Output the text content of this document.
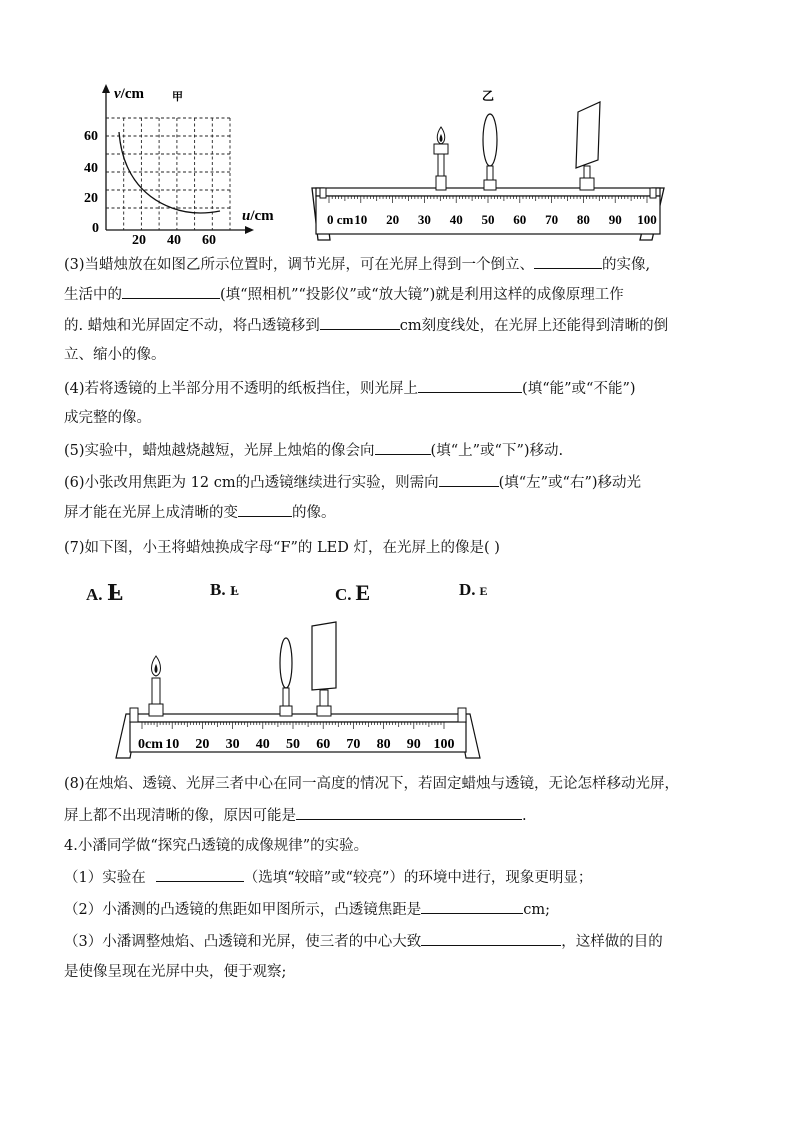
甲
v/cm
u/cm
60
40
20
0
20 40 60
乙
0 cm 10 20 30 40 50 60 70 80 90 100
(3)当蜡烛放在如图乙所示位置时，调节光屏，可在光屏上得到一个倒立、	的实像,
生活中的	(填“照相机”“投影仪”或“放大镜”)就是利用这样的成像原理工作
的. 蜡烛和光屏固定不动，将凸透镜移到	cm刻度线处，在光屏上还能得到清晰的倒
立、缩小的像。
(4)若将透镜的上半部分用不透明的纸板挡住，则光屏上	(填“能”或“不能”)
成完整的像。
(5)实验中，蜡烛越烧越短，光屏上烛焰的像会向	(填“上”或“下”)移动.
(6)小张改用焦距为 12 cm的凸透镜继续进行实验，则需向	(填“左”或“右”)移动光
屏才能在光屏上成清晰的变	的像。
(7)如下图，小王将蜡烛换成字母“F”的 LED 灯，在光屏上的像是( )
A. Ⅎ	B. Ⅎ	C. E	D. E
0cm 10 20 30 40 50 60 70 80 90 100
(8)在烛焰、透镜、光屏三者中心在同一高度的情况下，若固定蜡烛与透镜，无论怎样移动光屏，
屏上都不出现清晰的像，原因可能是	.
4.小潘同学做“探究凸透镜的成像规律”的实验。
（1）实验在	（选填“较暗”或“较亮”）的环境中进行，现象更明显；
（2）小潘测的凸透镜的焦距如甲图所示，凸透镜焦距是	cm;
（3）小潘调整烛焰、凸透镜和光屏，使三者的中心大致	，这样做的目的
是使像呈现在光屏中央，便于观察;
